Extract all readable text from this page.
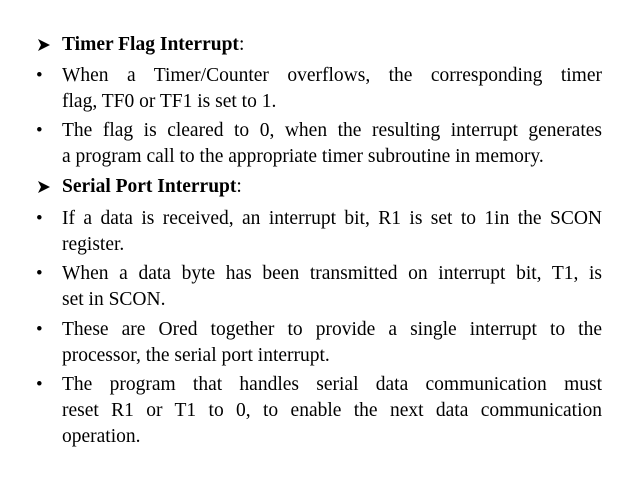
Timer Flag Interrupt:
• When a Timer/Counter overflows, the corresponding timer
flag, TF0 or TF1 is set to 1.
• The flag is cleared to 0, when the resulting interrupt generates
a program call to the appropriate timer subroutine in memory.
Serial Port Interrupt:
• If a data is received, an interrupt bit, R1 is set to 1in the SCON
register.
• When a data byte has been transmitted on interrupt bit, T1, is
set in SCON.
• These are Ored together to provide a single interrupt to the
processor, the serial port interrupt.
• The program that handles serial data communication must
reset R1 or T1 to 0, to enable the next data communication
operation.
